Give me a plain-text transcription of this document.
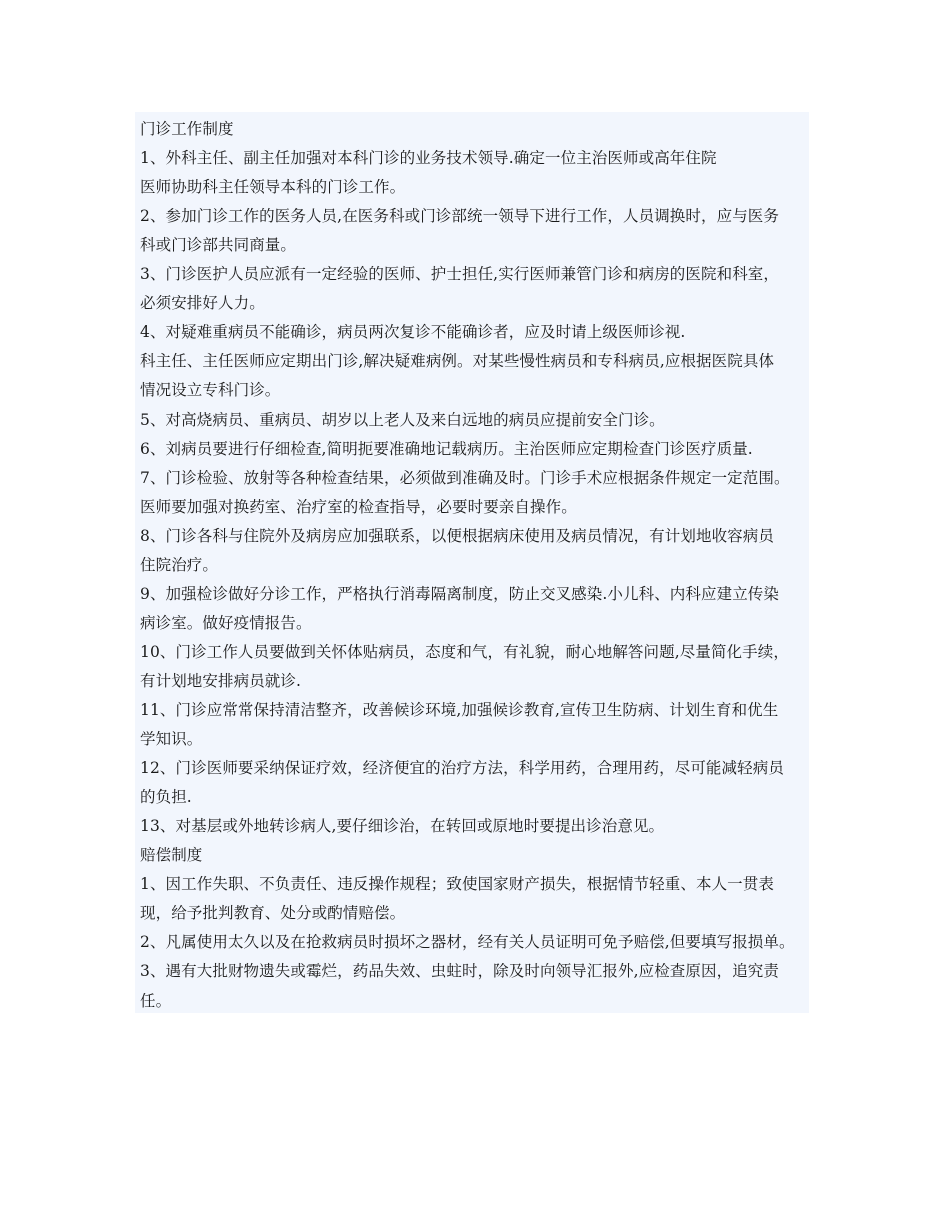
门诊工作制度
1、外科主任、副主任加强对本科门诊的业务技术领导.确定一位主治医师或高年住院
医师协助科主任领导本科的门诊工作。
2、参加门诊工作的医务人员,在医务科或门诊部统一领导下进行工作，人员调换时，应与医务
科或门诊部共同商量。
3、门诊医护人员应派有一定经验的医师、护士担任,实行医师兼管门诊和病房的医院和科室，
必须安排好人力。
4、对疑难重病员不能确诊，病员两次复诊不能确诊者，应及时请上级医师诊视.
科主任、主任医师应定期出门诊,解决疑难病例。对某些慢性病员和专科病员,应根据医院具体
情况设立专科门诊。
5、对高烧病员、重病员、胡岁以上老人及来白远地的病员应提前安全门诊。
6、刘病员要进行仔细检查,简明扼要准确地记载病历。主治医师应定期检查门诊医疗质量.
7、门诊检验、放射等各种检查结果，必须做到准确及时。门诊手术应根据条件规定一定范围。
医师要加强对换药室、治疗室的检查指导，必要时要亲自操作。
8、门诊各科与住院外及病房应加强联系，以便根据病床使用及病员情况，有计划地收容病员
住院治疗。
9、加强检诊做好分诊工作，严格执行消毒隔离制度，防止交叉感染.小儿科、内科应建立传染
病诊室。做好疫情报告。
10、门诊工作人员要做到关怀体贴病员，态度和气，有礼貌，耐心地解答问题,尽量简化手续，
有计划地安排病员就诊.
11、门诊应常常保持清洁整齐，改善候诊环境,加强候诊教育,宣传卫生防病、计划生育和优生
学知识。
12、门诊医师要采纳保证疗效，经济便宜的治疗方法，科学用药，合理用药，尽可能减轻病员
的负担.
13、对基层或外地转诊病人,要仔细诊治，在转回或原地时要提出诊治意见。
赔偿制度
1、因工作失职、不负责任、违反操作规程；致使国家财产损失，根据情节轻重、本人一贯表
现，给予批判教育、处分或酌情赔偿。
2、凡属使用太久以及在抢救病员时损坏之器材，经有关人员证明可免予赔偿,但要填写报损单。
3、遇有大批财物遗失或霉烂，药品失效、虫蛀时，除及时向领导汇报外,应检查原因，追究责
任。
